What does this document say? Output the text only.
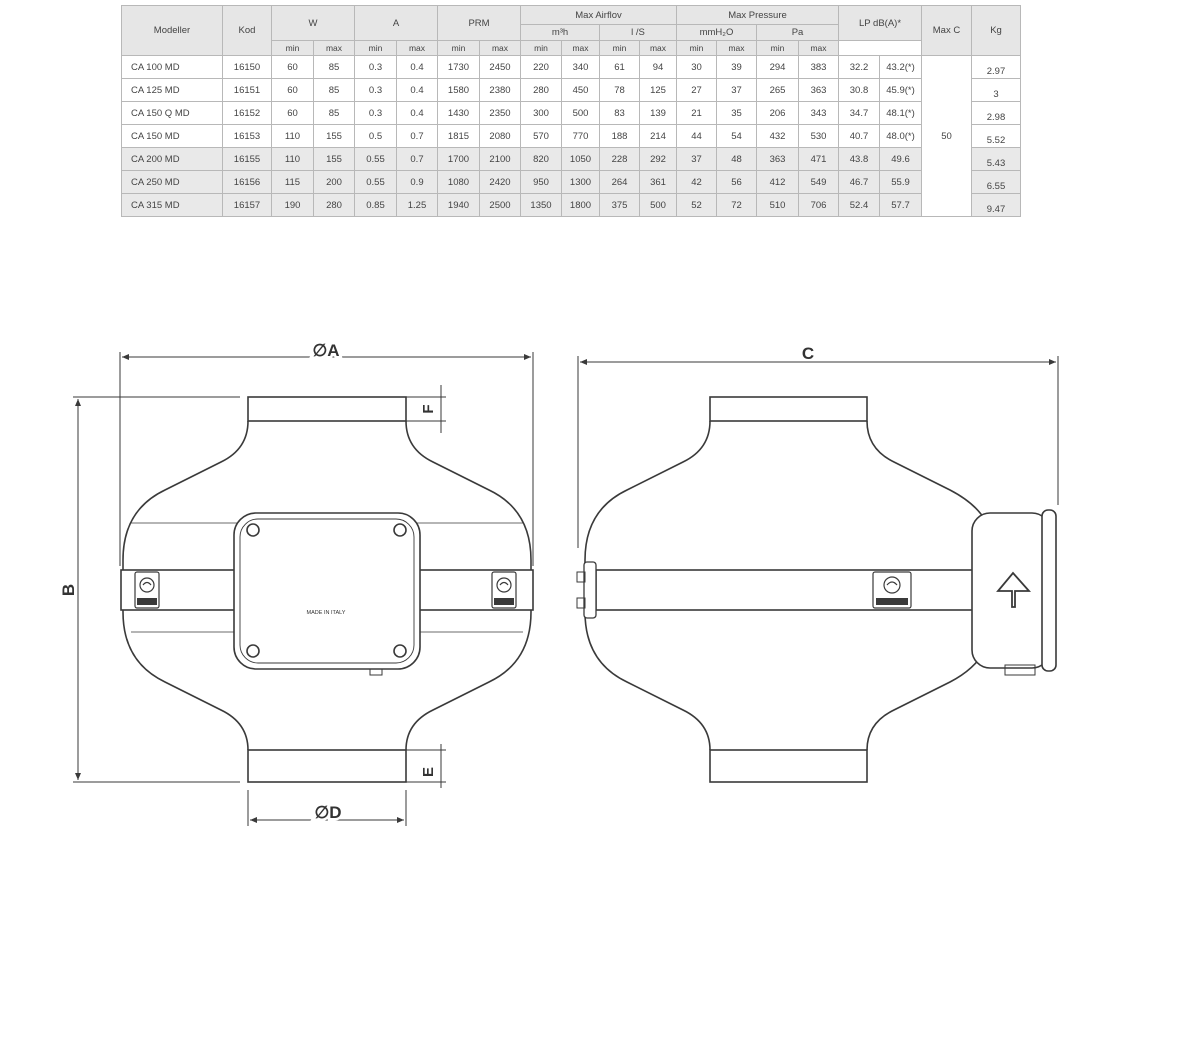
Modeller	Kod	W		A		PRM		Max Airflov				Max Pressure				LP dB(A)*		Max C	Kg
								m³h		l /S		mmH₂O		Pa					
		min	max	min	max	min	max	min	max	min	max	min	max	min	max				
CA 100 MD	16150	60	85	0.3	0.4	1730	2450	220	340	61	94	30	39	294	383	32.2	43.2(*)	50	2.97
CA 125 MD	16151	60	85	0.3	0.4	1580	2380	280	450	78	125	27	37	265	363	30.8	45.9(*)		3
CA 150 Q MD	16152	60	85	0.3	0.4	1430	2350	300	500	83	139	21	35	206	343	34.7	48.1(*)		2.98
CA 150 MD	16153	110	155	0.5	0.7	1815	2080	570	770	188	214	44	54	432	530	40.7	48.0(*)		5.52
CA 200 MD	16155	110	155	0.55	0.7	1700	2100	820	1050	228	292	37	48	363	471	43.8	49.6		5.43
CA 250 MD	16156	115	200	0.55	0.9	1080	2420	950	1300	264	361	42	56	412	549	46.7	55.9		6.55
CA 315 MD	16157	190	280	0.85	1.25	1940	2500	1350	1800	375	500	52	72	510	706	52.4	57.7		9.47
MADE IN ITALY
∅A
B
F
E
∅D
C
